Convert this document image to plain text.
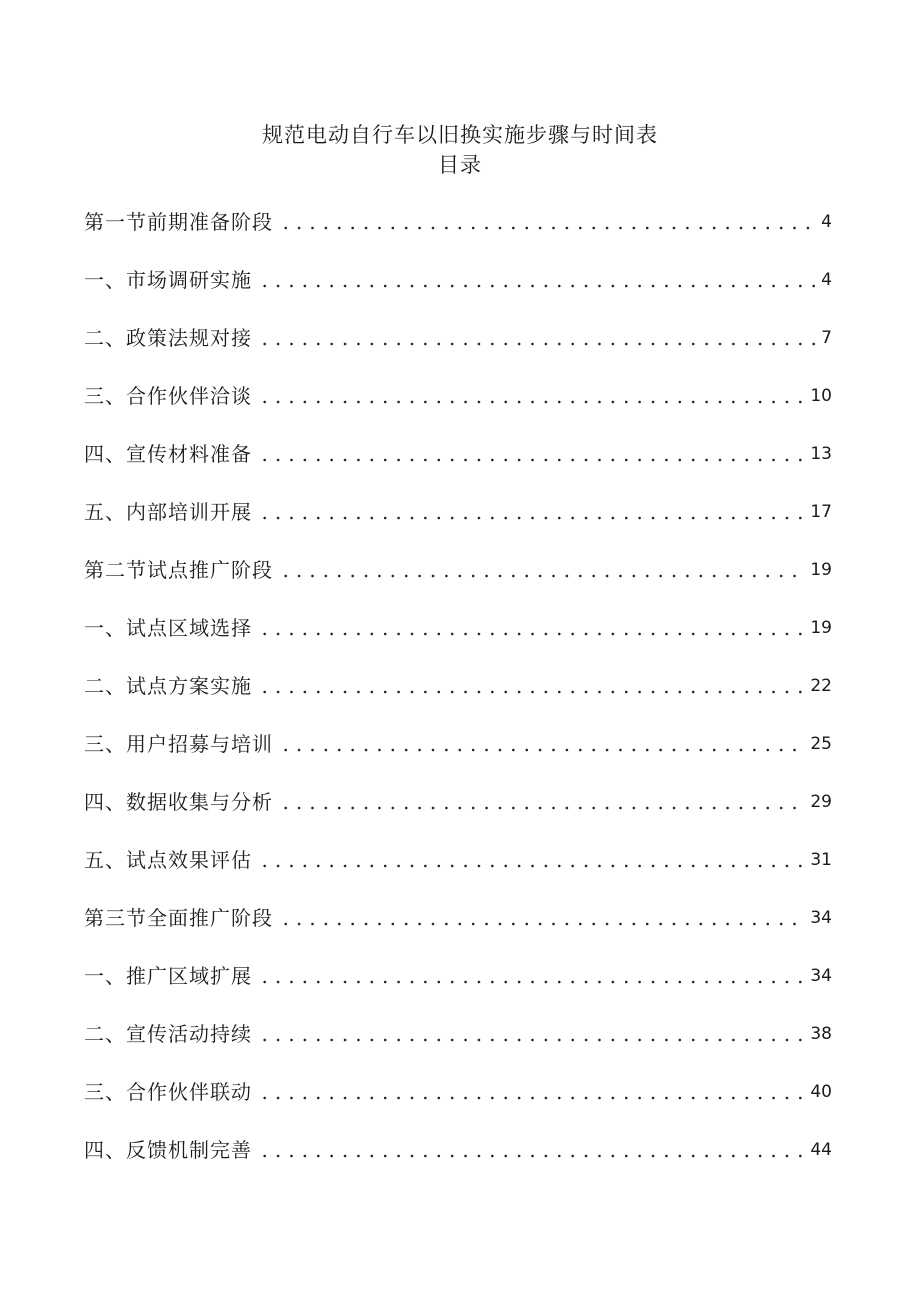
规范电动自行车以旧换实施步骤与时间表
目录
第一节前期准备阶段	4
一、市场调研实施	4
二、政策法规对接	7
三、合作伙伴洽谈	10
四、宣传材料准备	13
五、内部培训开展	17
第二节试点推广阶段	19
一、试点区域选择	19
二、试点方案实施	22
三、用户招募与培训	25
四、数据收集与分析	29
五、试点效果评估	31
第三节全面推广阶段	34
一、推广区域扩展	34
二、宣传活动持续	38
三、合作伙伴联动	40
四、反馈机制完善	44
